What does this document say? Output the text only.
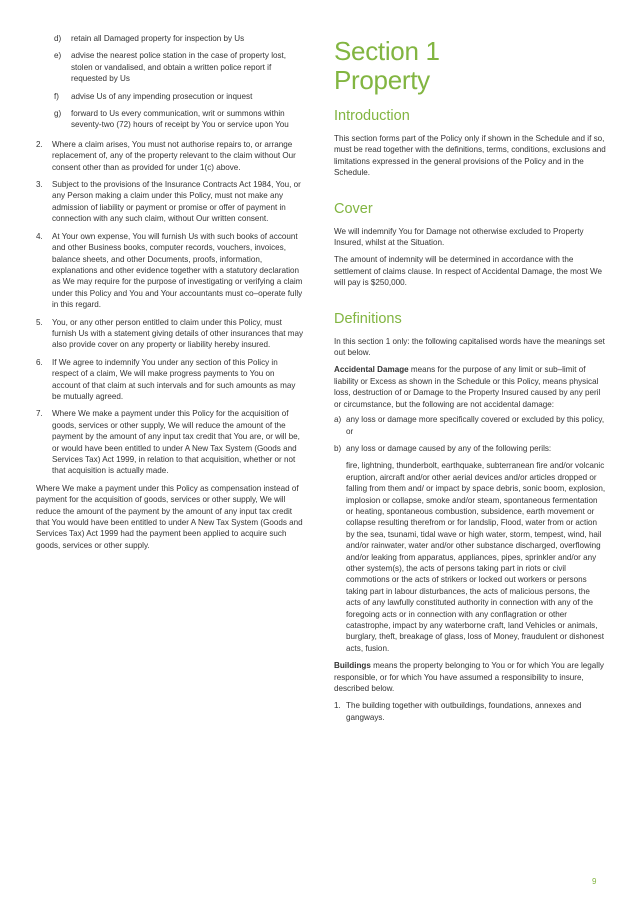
d) retain all Damaged property for inspection by Us
e) advise the nearest police station in the case of property lost, stolen or vandalised, and obtain a written police report if requested by Us
f) advise Us of any impending prosecution or inquest
g) forward to Us every communication, writ or summons within seventy-two (72) hours of receipt by You or service upon You
2. Where a claim arises, You must not authorise repairs to, or arrange replacement of, any of the property relevant to the claim without Our consent other than as provided for under 1(c) above.
3. Subject to the provisions of the Insurance Contracts Act 1984, You, or any Person making a claim under this Policy, must not make any admission of liability or payment or promise or offer of payment in connection with any such claim, without Our written consent.
4. At Your own expense, You will furnish Us with such books of account and other Business books, computer records, vouchers, invoices, balance sheets, and other Documents, proofs, information, explanations and other evidence together with a statutory declaration as We may require for the purpose of investigating or verifying a claim under this Policy and You and Your accountants must co–operate fully in this regard.
5. You, or any other person entitled to claim under this Policy, must furnish Us with a statement giving details of other insurances that may also provide cover on any property or liability hereby insured.
6. If We agree to indemnify You under any section of this Policy in respect of a claim, We will make progress payments to You on account of that claim at such intervals and for such amounts as may be mutually agreed.
7. Where We make a payment under this Policy for the acquisition of goods, services or other supply, We will reduce the amount of the payment by the amount of any input tax credit that You are, or will be, or would have been entitled to under A New Tax System (Goods and Services Tax) Act 1999, in relation to that acquisition, whether or not that acquisition is actually made.

Where We make a payment under this Policy as compensation instead of payment for the acquisition of goods, services or other supply, We will reduce the amount of the payment by the amount of any input tax credit that You would have been entitled to under A New Tax System (Goods and Services Tax) Act 1999 had the payment been applied to acquire such goods, services or other supply.

Section 1
Property
Introduction

This section forms part of the Policy only if shown in the Schedule and if so, must be read together with the definitions, terms, conditions, exclusions and limitations expressed in the general provisions of the Policy and in the Schedule.

Cover

We will indemnify You for Damage not otherwise excluded to Property Insured, whilst at the Situation.

The amount of indemnity will be determined in accordance with the settlement of claims clause. In respect of Accidental Damage, the most We will pay is $250,000.

Definitions

In this section 1 only: the following capitalised words have the meanings set out below.

Accidental Damage means for the purpose of any limit or sub–limit of liability or Excess as shown in the Schedule or this Policy, means physical loss, destruction of or Damage to the Property Insured caused by any peril or circumstance, but the following are not accidental damage:

a) any loss or damage more specifically covered or excluded by this policy, or
b) any loss or damage caused by any of the following perils:

fire, lightning, thunderbolt, earthquake, subterranean fire and/or volcanic eruption, aircraft and/or other aerial devices and/or articles dropped or falling from them and/ or impact by space debris, sonic boom, explosion, implosion or collapse, smoke and/or steam, spontaneous fermentation or heating, spontaneous combustion, subsidence, earth movement or collapse resulting therefrom or for landslip, Flood, water from or action by the sea, tsunami, tidal wave or high water, storm, tempest, wind, hail and/or rainwater, water and/or other substance discharged, overflowing and/or leaking from apparatus, appliances, pipes, sprinkler and/or any other system(s), the acts of persons taking part in riots or civil commotions or the acts of strikers or locked out workers or persons taking part in labour disturbances, the acts of malicious persons, the acts of any lawfully constituted authority in connection with any of the foregoing acts or in connection with any conflagration or other catastrophe, impact by any waterborne craft, land Vehicles or animals, burglary, theft, breakage of glass, loss of Money, fraudulent or dishonest acts, fusion.

Buildings means the property belonging to You or for which You are legally responsible, or for which You have assumed a responsibility to insure, described below.

1. The building together with outbuildings, foundations, annexes and gangways.
9
